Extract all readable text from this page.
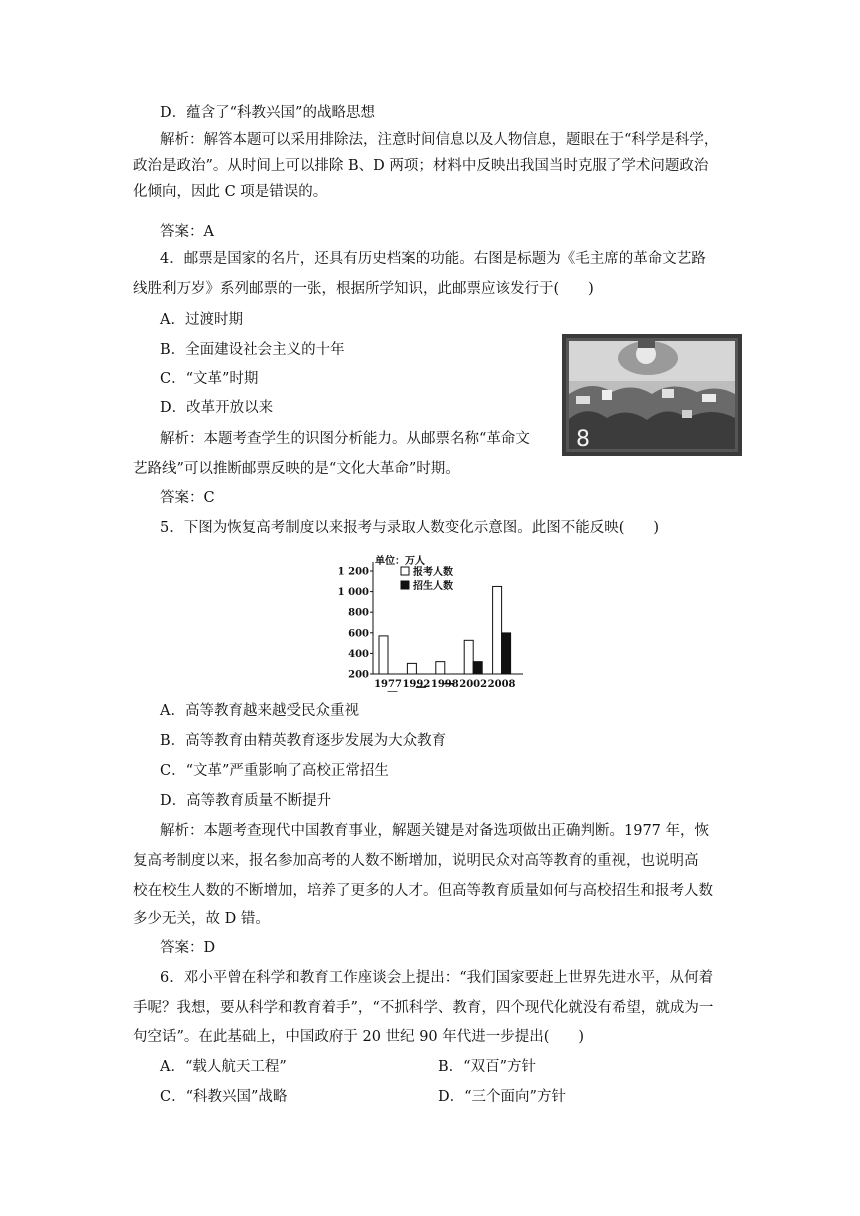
D．蕴含了“科教兴国”的战略思想
解析：解答本题可以采用排除法，注意时间信息以及人物信息，题眼在于“科学是科学，
政治是政治”。从时间上可以排除 B、D 两项；材料中反映出我国当时克服了学术问题政治
化倾向，因此 C 项是错误的。
答案：A
4．邮票是国家的名片，还具有历史档案的功能。右图是标题为《毛主席的革命文艺路
线胜利万岁》系列邮票的一张，根据所学知识，此邮票应该发行于(　　)
A．过渡时期
B．全面建设社会主义的十年
C．“文革”时期
D．改革开放以来
解析：本题考查学生的识图分析能力。从邮票名称“革命文
艺路线”可以推断邮票反映的是“文化大革命”时期。
答案：C
8
5．下图为恢复高考制度以来报考与录取人数变化示意图。此图不能反映(　　)
单位：万人
200
400
600
800
1 000
1 200
1977 1992 1998 2002 2008
报考人数
招生人数
A．高等教育越来越受民众重视
B．高等教育由精英教育逐步发展为大众教育
C．“文革”严重影响了高校正常招生
D．高等教育质量不断提升
解析：本题考查现代中国教育事业，解题关键是对备选项做出正确判断。1977 年，恢
复高考制度以来，报名参加高考的人数不断增加，说明民众对高等教育的重视，也说明高
校在校生人数的不断增加，培养了更多的人才。但高等教育质量如何与高校招生和报考人数
多少无关，故 D 错。
答案：D
6．邓小平曾在科学和教育工作座谈会上提出：“我们国家要赶上世界先进水平，从何着
手呢？我想，要从科学和教育着手”，“不抓科学、教育，四个现代化就没有希望，就成为一
句空话”。在此基础上，中国政府于 20 世纪 90 年代进一步提出(　　)
A．“载人航天工程”	B．“双百”方针
C．“科教兴国”战略	D．“三个面向”方针
